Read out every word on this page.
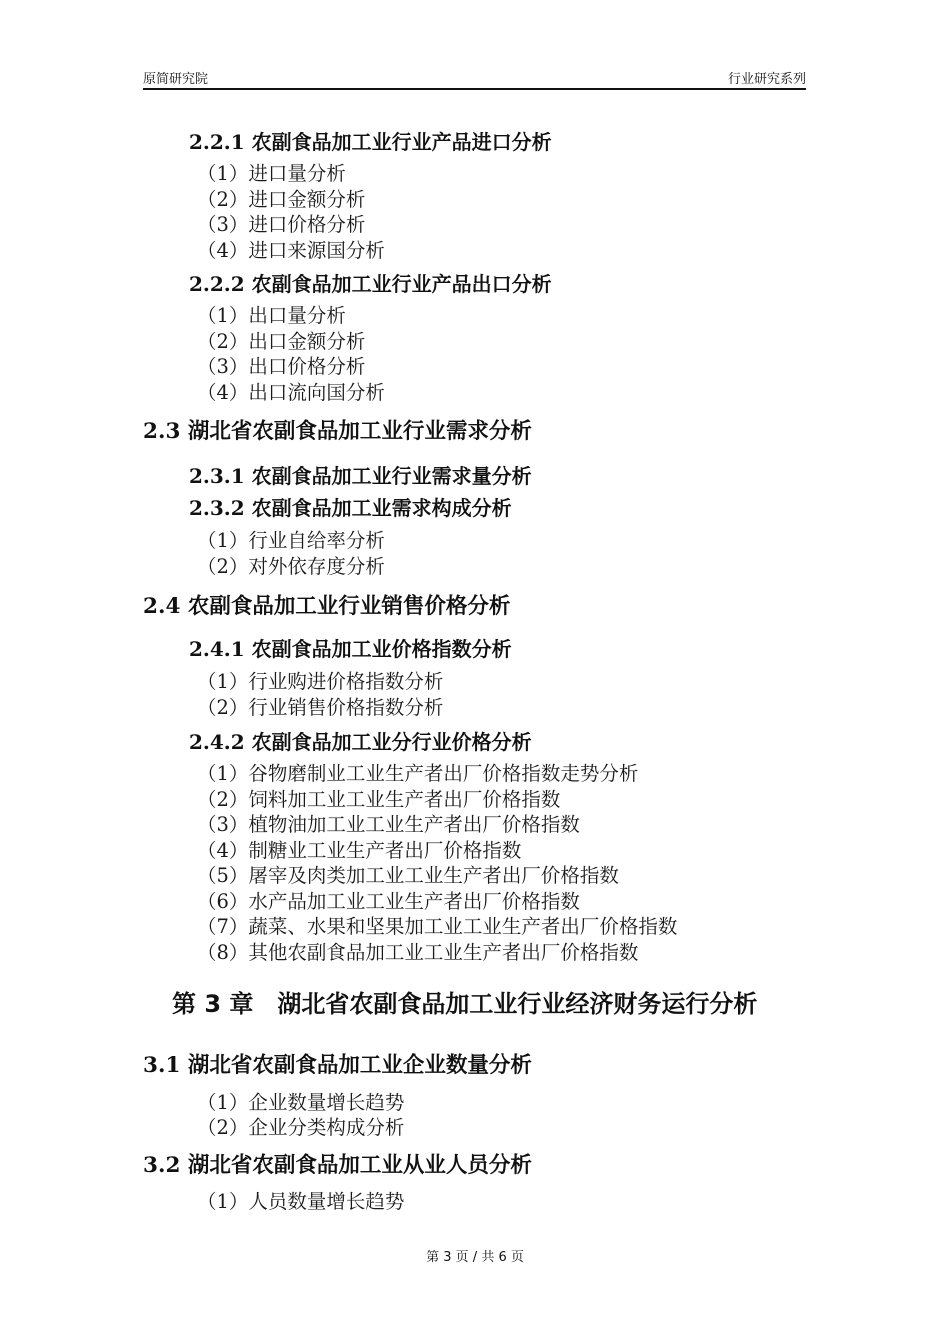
原简研究院	行业研究系列
2.2.1 农副食品加工业行业产品进口分析
（1）进口量分析
（2）进口金额分析
（3）进口价格分析
（4）进口来源国分析
2.2.2 农副食品加工业行业产品出口分析
（1）出口量分析
（2）出口金额分析
（3）出口价格分析
（4）出口流向国分析
2.3 湖北省农副食品加工业行业需求分析
2.3.1 农副食品加工业行业需求量分析
2.3.2 农副食品加工业需求构成分析
（1）行业自给率分析
（2）对外依存度分析
2.4 农副食品加工业行业销售价格分析
2.4.1 农副食品加工业价格指数分析
（1）行业购进价格指数分析
（2）行业销售价格指数分析
2.4.2 农副食品加工业分行业价格分析
（1）谷物磨制业工业生产者出厂价格指数走势分析
（2）饲料加工业工业生产者出厂价格指数
（3）植物油加工业工业生产者出厂价格指数
（4）制糖业工业生产者出厂价格指数
（5）屠宰及肉类加工业工业生产者出厂价格指数
（6）水产品加工业工业生产者出厂价格指数
（7）蔬菜、水果和坚果加工业工业生产者出厂价格指数
（8）其他农副食品加工业工业生产者出厂价格指数
第 3 章　湖北省农副食品加工业行业经济财务运行分析
3.1 湖北省农副食品加工业企业数量分析
（1）企业数量增长趋势
（2）企业分类构成分析
3.2 湖北省农副食品加工业从业人员分析
（1）人员数量增长趋势
第 3 页 / 共 6 页
